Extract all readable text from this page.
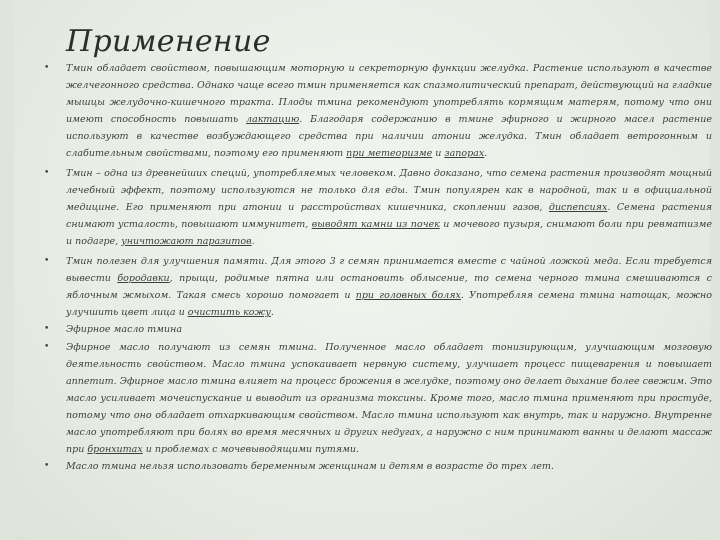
Применение
• Тмин обладает свойством, повышающим моторную и секреторную функции желудка. Растение используют в качестве желчегонного средства. Однако чаще всего тмин применяется как спазмолитический препарат, действующий на гладкие мышцы желудочно-кишечного тракта. Плоды тмина рекомендуют употреблять кормящим матерям, потому что они имеют способность повышать лактацию. Благодаря содержанию в тмине эфирного и жирного масел растение используют в качестве возбуждающего средства при наличии атонии желудка. Тмин обладает ветрогонным и слабительным свойствами, поэтому его применяют при метеоризме и запорах.
• Тмин – одна из древнейших специй, употребляемых человеком. Давно доказано, что семена растения производят мощный лечебный эффект, поэтому используются не только для еды. Тмин популярен как в народной, так и в официальной медицине. Его применяют при атонии и расстройствах кишечника, скоплении газов, диспепсиях. Семена растения снимают усталость, повышают иммунитет, выводят камни из почек и мочевого пузыря, снимают боли при ревматизме и подагре, уничтожают паразитов.
• Тмин полезен для улучшения памяти. Для этого 3 г семян принимается вместе с чайной ложкой меда. Если требуется вывести бородавки, прыщи, родимые пятна или остановить облысение, то семена черного тмина смешиваются с яблочным жмыхом. Такая смесь хорошо помогает и при головных болях. Употребляя семена тмина натощак, можно улучшить цвет лица и очистить кожу.
• Эфирное масло тмина
• Эфирное масло получают из семян тмина. Полученное масло обладает тонизирующим, улучшающим мозговую деятельность свойством. Масло тмина успокаивает нервную систему, улучшает процесс пищеварения и повышает аппетит. Эфирное масло тмина влияет на процесс брожения в желудке, поэтому оно делает дыхание более свежим. Это масло усиливает мочеиспускание и выводит из организма токсины. Кроме того, масло тмина применяют при простуде, потому что оно обладает отхаркивающим свойством. Масло тмина используют как внутрь, так и наружно. Внутренне масло употребляют при болях во время месячных и других недугах, а наружно с ним принимают ванны и делают массаж при бронхитах и проблемах с мочевыводящими путями.
• Масло тмина нельзя использовать беременным женщинам и детям в возрасте до трех лет.
